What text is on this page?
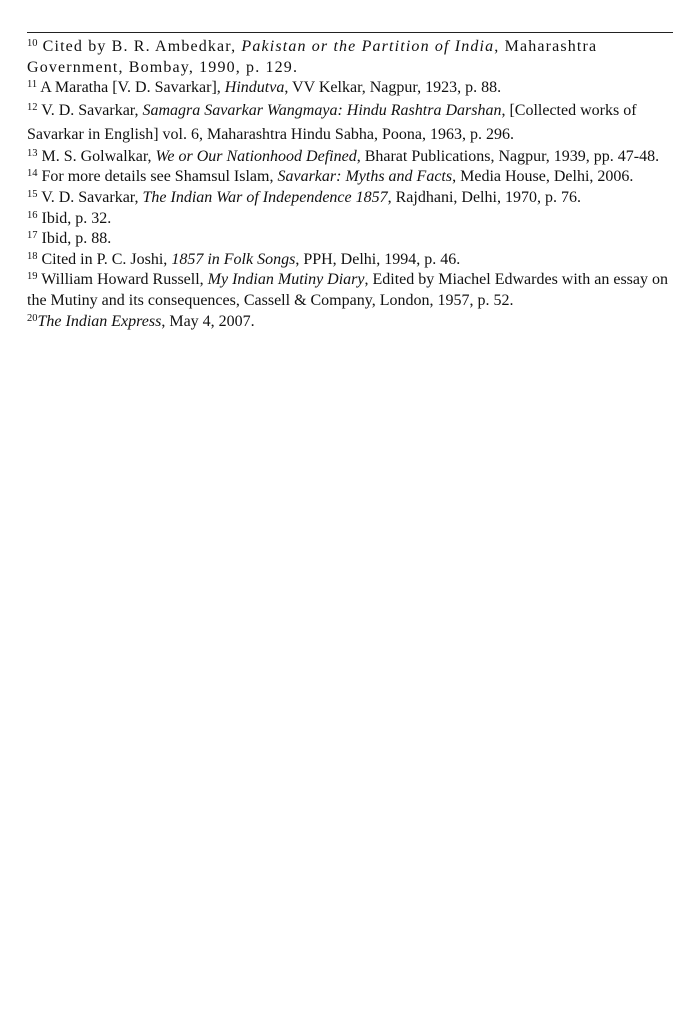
$^{10}$ Cited by B. R. Ambedkar, Pakistan or the Partition of India, Maharashtra Government, Bombay, 1990, p. 129.

$^{11}$ A Maratha [V. D. Savarkar], Hindutva, VV Kelkar, Nagpur, 1923, p. 88.

$^{12}$ V. D. Savarkar, Samagra Savarkar Wangmaya: Hindu Rashtra Darshan, [Collected works of Savarkar in English] vol. 6, Maharashtra Hindu Sabha, Poona, 1963, p. 296.

$^{13}$ M. S. Golwalkar, We or Our Nationhood Defined, Bharat Publications, Nagpur, 1939, pp. 47-48.

$^{14}$ For more details see Shamsul Islam, Savarkar: Myths and Facts, Media House, Delhi, 2006.

$^{15}$ V. D. Savarkar, The Indian War of Independence 1857, Rajdhani, Delhi, 1970, p. 76.

$^{16}$ Ibid, p. 32.

$^{17}$ Ibid, p. 88.

$^{18}$ Cited in P. C. Joshi, 1857 in Folk Songs, PPH, Delhi, 1994, p. 46.

$^{19}$ William Howard Russell, My Indian Mutiny Diary, Edited by Miachel Edwardes with an essay on the Mutiny and its consequences, Cassell & Company, London, 1957, p. 52.

$^{20}$The Indian Express, May 4, 2007.
